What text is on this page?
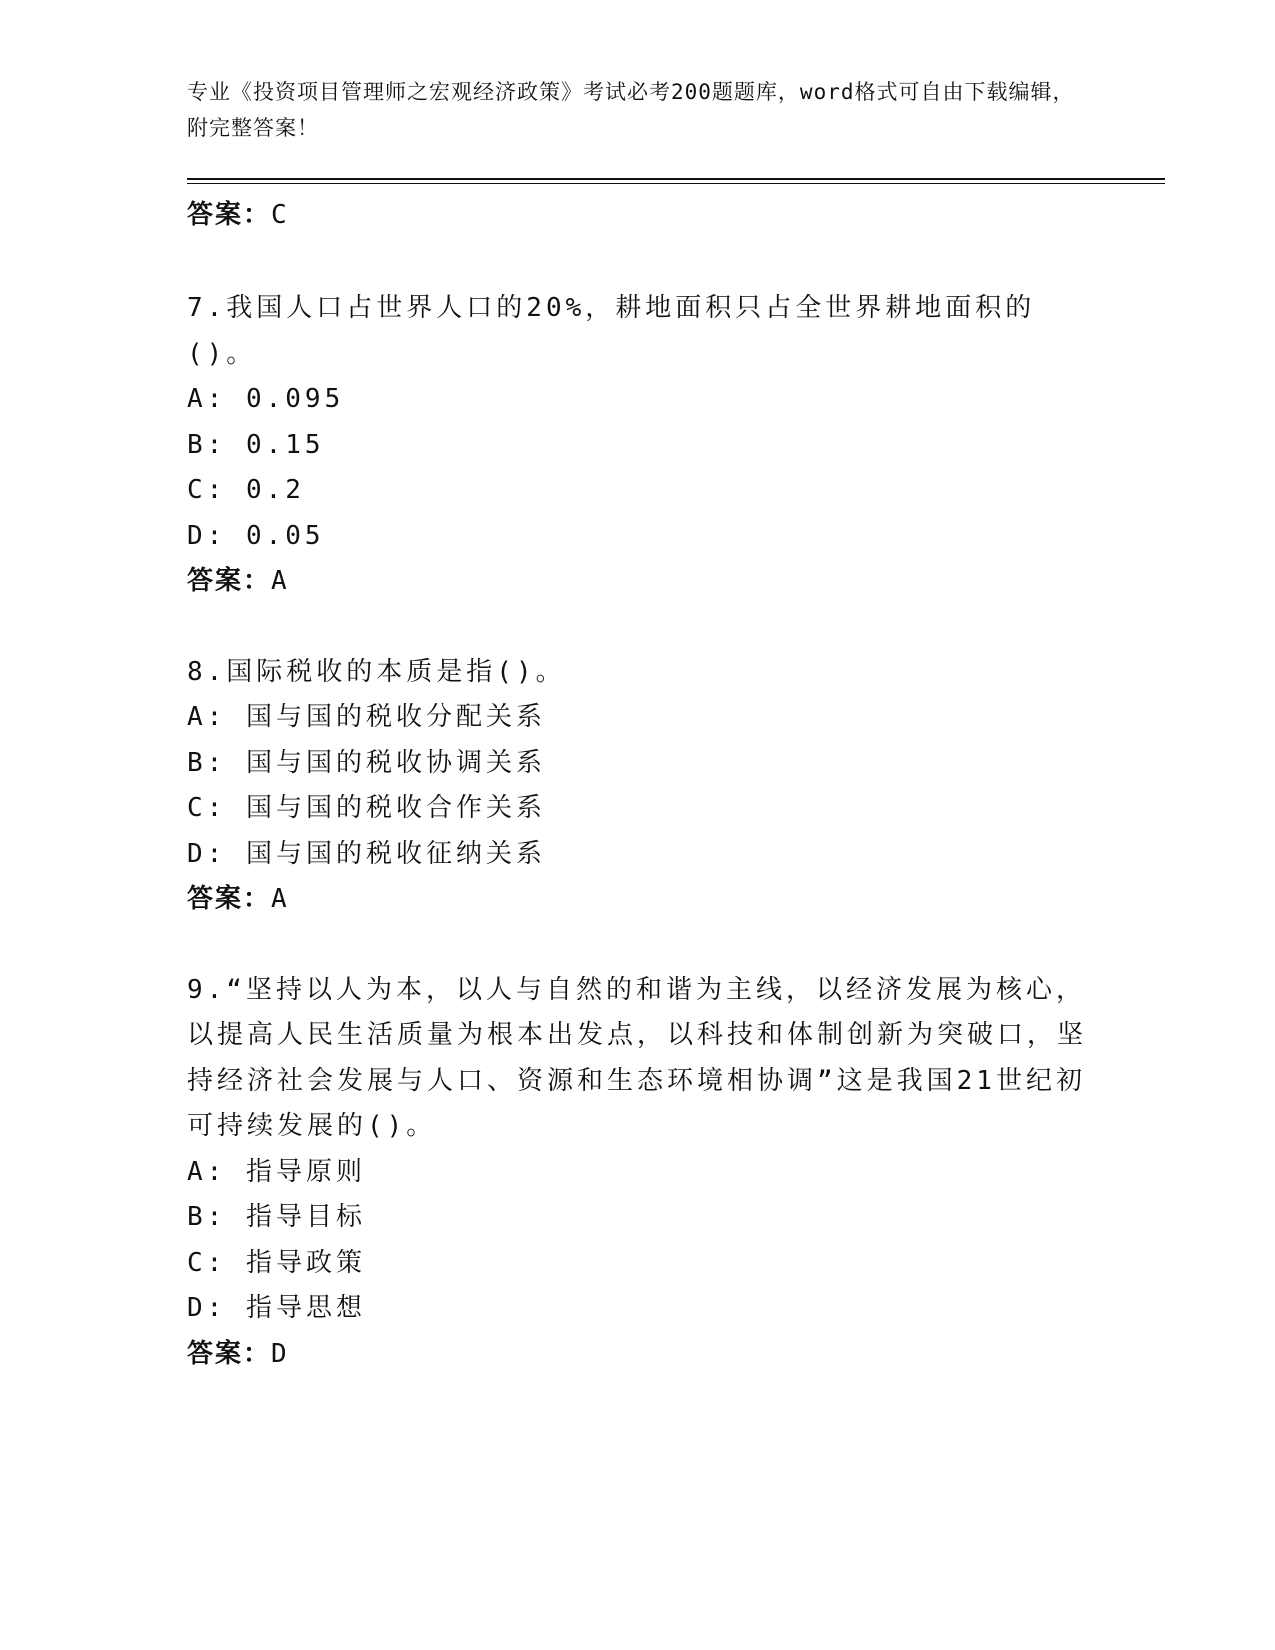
专业《投资项目管理师之宏观经济政策》考试必考200题题库，word格式可自由下载编辑，附完整答案！
答案：C

7.我国人口占世界人口的20%，耕地面积只占全世界耕地面积的()。

A: 0.095

B: 0.15

C: 0.2

D: 0.05

答案：A

8.国际税收的本质是指()。

A: 国与国的税收分配关系

B: 国与国的税收协调关系

C: 国与国的税收合作关系

D: 国与国的税收征纳关系

答案：A

9.“坚持以人为本，以人与自然的和谐为主线，以经济发展为核心，以提高人民生活质量为根本出发点，以科技和体制创新为突破口，坚持经济社会发展与人口、资源和生态环境相协调”这是我国21世纪初可持续发展的()。

A: 指导原则

B: 指导目标

C: 指导政策

D: 指导思想

答案：D
